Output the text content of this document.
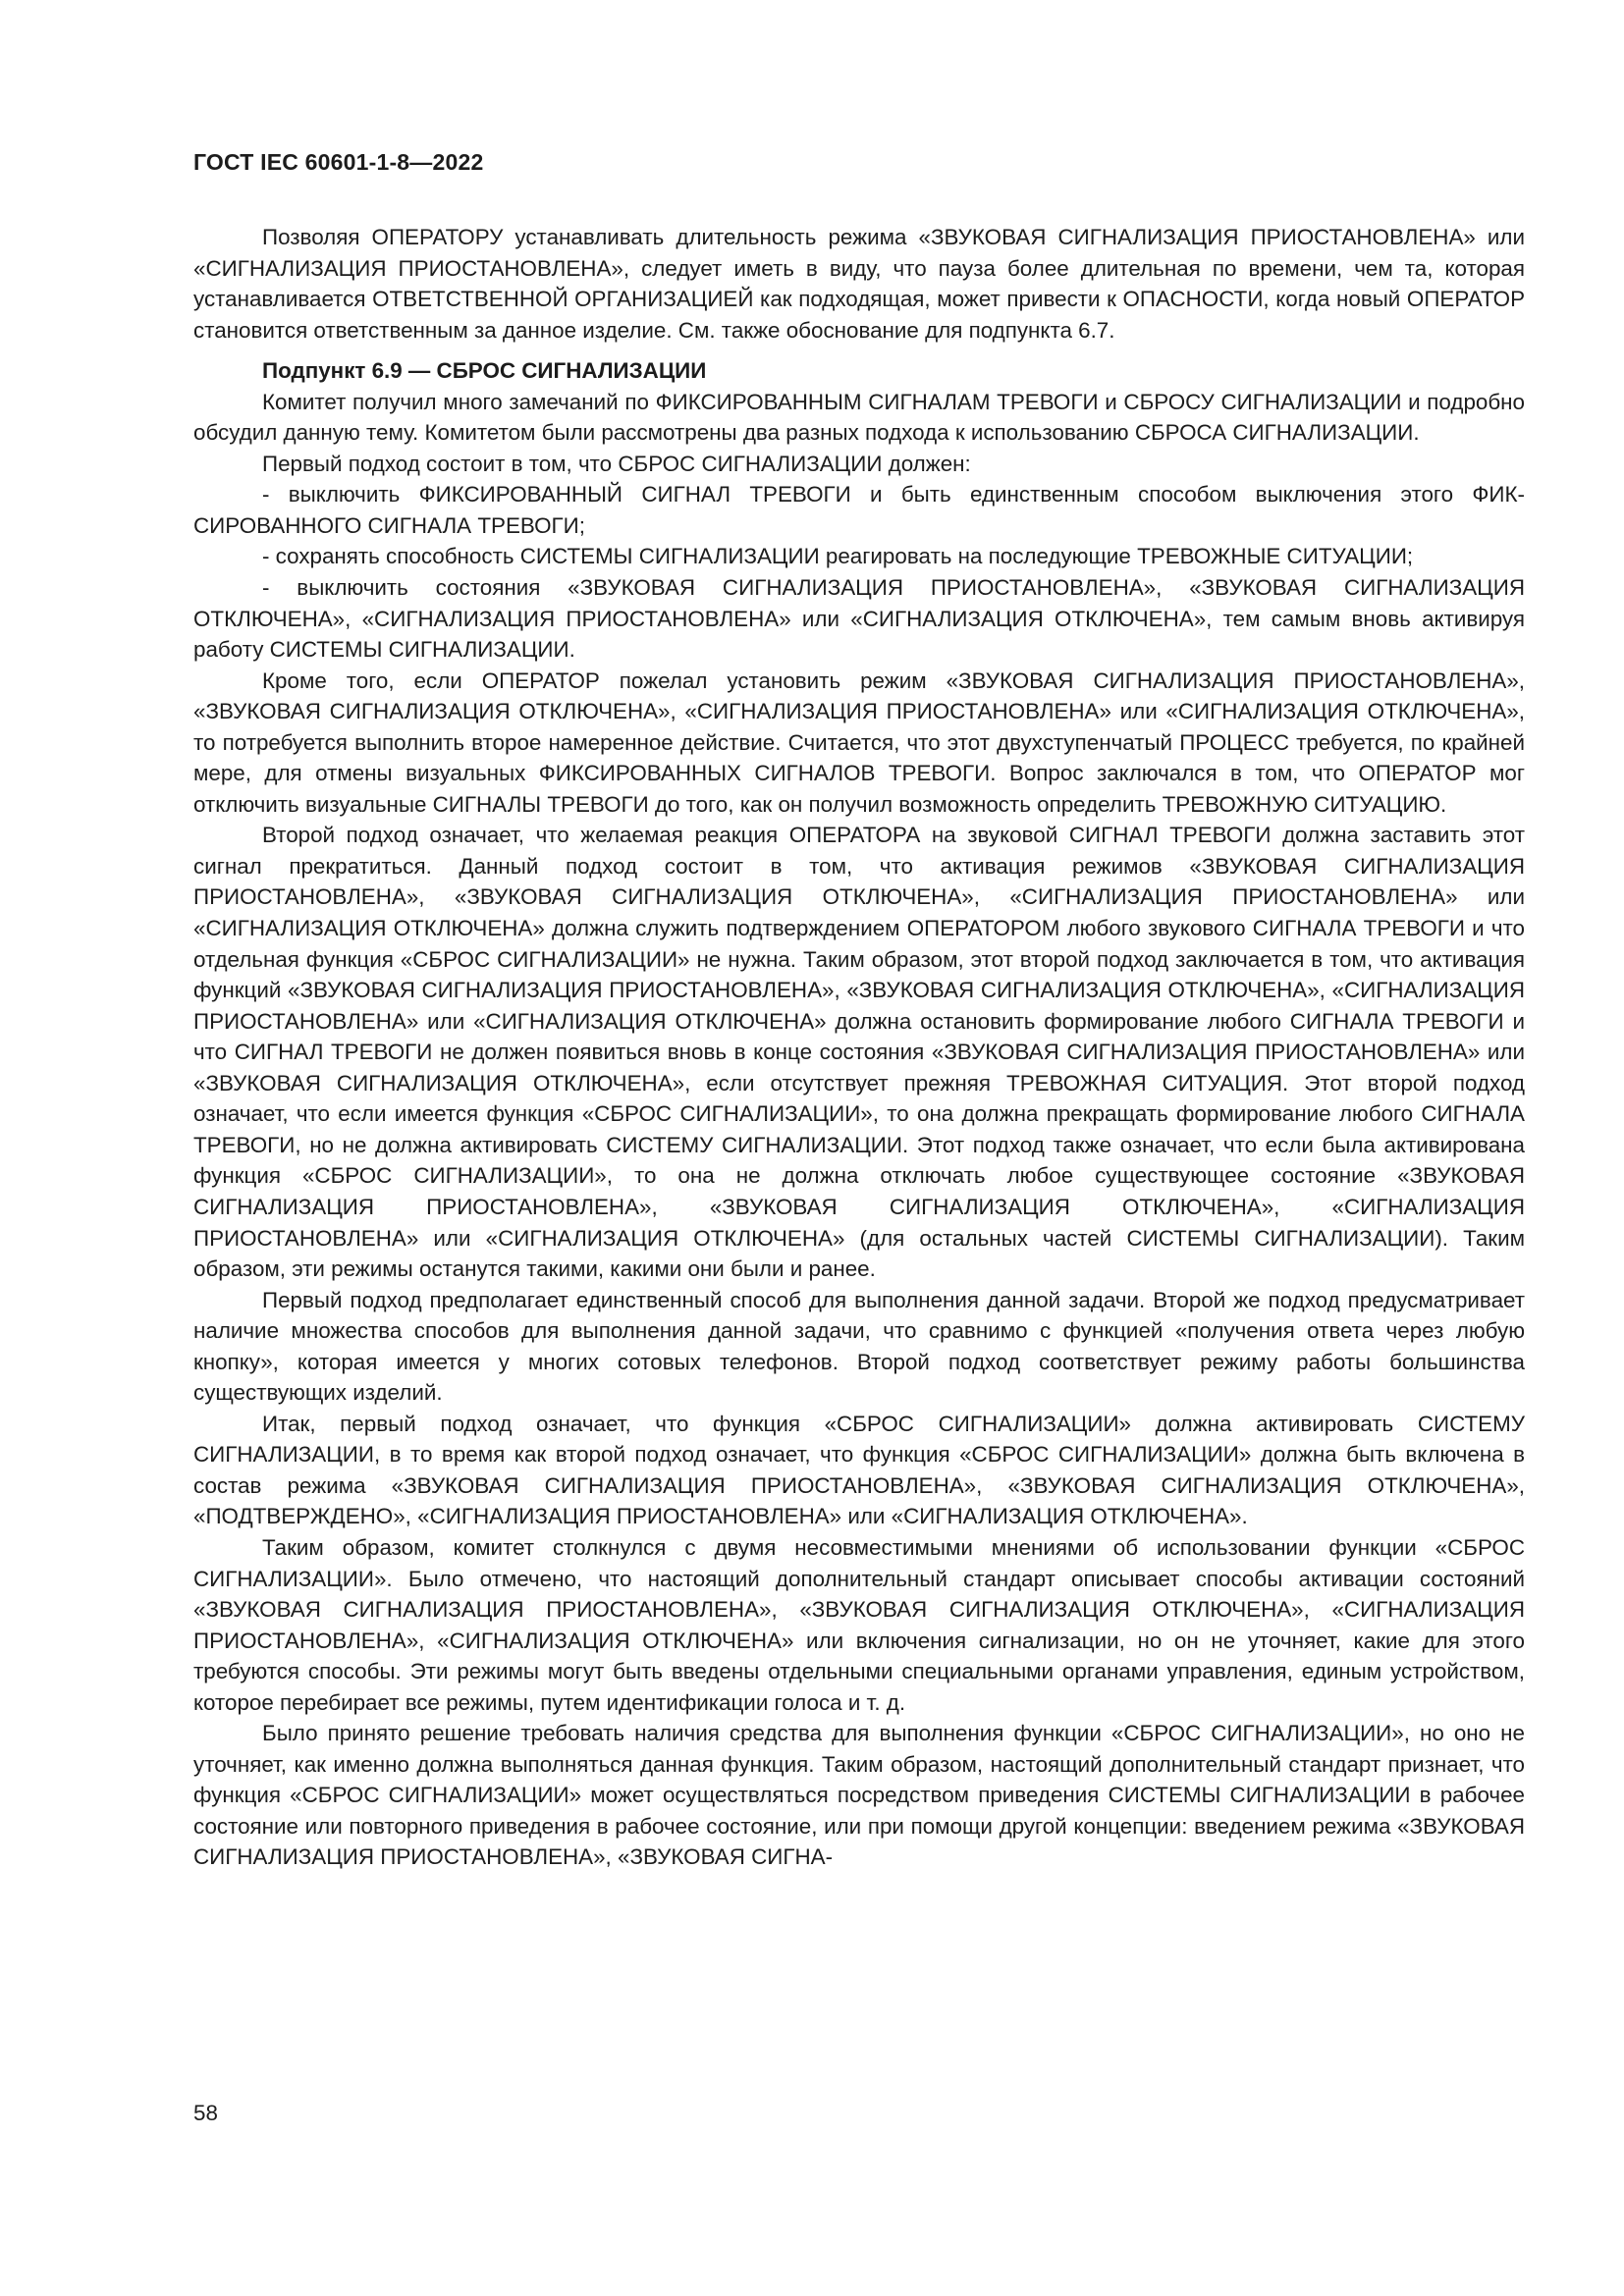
ГОСТ IEC 60601-1-8—2022

Позволяя ОПЕРАТОРУ устанавливать длительность режима «ЗВУКОВАЯ СИГНАЛИЗАЦИЯ ПРИОСТАНОВЛЕНА» или «СИГНАЛИЗАЦИЯ ПРИОСТАНОВЛЕНА», следует иметь в виду, что пауза более длительная по времени, чем та, которая устанавливается ОТВЕТСТВЕННОЙ ОРГАНИЗАЦИЕЙ как подходящая, может привести к ОПАСНОСТИ, когда новый ОПЕРАТОР становится ответственным за данное изделие. См. также обоснование для подпункта 6.7.

Подпункт 6.9 — СБРОС СИГНАЛИЗАЦИИ

Комитет получил много замечаний по ФИКСИРОВАННЫМ СИГНАЛАМ ТРЕВОГИ и СБРОСУ СИГНАЛИЗАЦИИ и подробно обсудил данную тему. Комитетом были рассмотрены два разных подхода к использованию СБРОСА СИГНАЛИЗАЦИИ.

Первый подход состоит в том, что СБРОС СИГНАЛИЗАЦИИ должен:

- выключить ФИКСИРОВАННЫЙ СИГНАЛ ТРЕВОГИ и быть единственным способом выключения этого ФИКСИРОВАННОГО СИГНАЛА ТРЕВОГИ;

- сохранять способность СИСТЕМЫ СИГНАЛИЗАЦИИ реагировать на последующие ТРЕВОЖНЫЕ СИТУАЦИИ;

- выключить состояния «ЗВУКОВАЯ СИГНАЛИЗАЦИЯ ПРИОСТАНОВЛЕНА», «ЗВУКОВАЯ СИГНАЛИЗАЦИЯ ОТКЛЮЧЕНА», «СИГНАЛИЗАЦИЯ ПРИОСТАНОВЛЕНА» или «СИГНАЛИЗАЦИЯ ОТКЛЮЧЕНА», тем самым вновь активируя работу СИСТЕМЫ СИГНАЛИЗАЦИИ.

Кроме того, если ОПЕРАТОР пожелал установить режим «ЗВУКОВАЯ СИГНАЛИЗАЦИЯ ПРИОСТАНОВЛЕНА», «ЗВУКОВАЯ СИГНАЛИЗАЦИЯ ОТКЛЮЧЕНА», «СИГНАЛИЗАЦИЯ ПРИОСТАНОВЛЕНА» или «СИГНАЛИЗАЦИЯ ОТКЛЮЧЕНА», то потребуется выполнить второе намеренное действие. Считается, что этот двухступенчатый ПРОЦЕСС требуется, по крайней мере, для отмены визуальных ФИКСИРОВАННЫХ СИГНАЛОВ ТРЕВОГИ. Вопрос заключался в том, что ОПЕРАТОР мог отключить визуальные СИГНАЛЫ ТРЕВОГИ до того, как он получил возможность определить ТРЕВОЖНУЮ СИТУАЦИЮ.

Второй подход означает, что желаемая реакция ОПЕРАТОРА на звуковой СИГНАЛ ТРЕВОГИ должна заставить этот сигнал прекратиться. Данный подход состоит в том, что активация режимов «ЗВУКОВАЯ СИГНАЛИЗАЦИЯ ПРИОСТАНОВЛЕНА», «ЗВУКОВАЯ СИГНАЛИЗАЦИЯ ОТКЛЮЧЕНА», «СИГНАЛИЗАЦИЯ ПРИОСТАНОВЛЕНА» или «СИГНАЛИЗАЦИЯ ОТКЛЮЧЕНА» должна служить подтверждением ОПЕРАТОРОМ любого звукового СИГНАЛА ТРЕВОГИ и что отдельная функция «СБРОС СИГНАЛИЗАЦИИ» не нужна. Таким образом, этот второй подход заключается в том, что активация функций «ЗВУКОВАЯ СИГНАЛИЗАЦИЯ ПРИОСТАНОВЛЕНА», «ЗВУКОВАЯ СИГНАЛИЗАЦИЯ ОТКЛЮЧЕНА», «СИГНАЛИЗАЦИЯ ПРИОСТАНОВЛЕНА» или «СИГНАЛИЗАЦИЯ ОТКЛЮЧЕНА» должна остановить формирование любого СИГНАЛА ТРЕВОГИ и что СИГНАЛ ТРЕВОГИ не должен появиться вновь в конце состояния «ЗВУКОВАЯ СИГНАЛИЗАЦИЯ ПРИОСТАНОВЛЕНА» или «ЗВУКОВАЯ СИГНАЛИЗАЦИЯ ОТКЛЮЧЕНА», если отсутствует прежняя ТРЕВОЖНАЯ СИТУАЦИЯ. Этот второй подход означает, что если имеется функция «СБРОС СИГНАЛИЗАЦИИ», то она должна прекращать формирование любого СИГНАЛА ТРЕВОГИ, но не должна активировать СИСТЕМУ СИГНАЛИЗАЦИИ. Этот подход также означает, что если была активирована функция «СБРОС СИГНАЛИЗАЦИИ», то она не должна отключать любое существующее состояние «ЗВУКОВАЯ СИГНАЛИЗАЦИЯ ПРИОСТАНОВЛЕНА», «ЗВУКОВАЯ СИГНАЛИЗАЦИЯ ОТКЛЮЧЕНА», «СИГНАЛИЗАЦИЯ ПРИОСТАНОВЛЕНА» или «СИГНАЛИЗАЦИЯ ОТКЛЮЧЕНА» (для остальных частей СИСТЕМЫ СИГНАЛИЗАЦИИ). Таким образом, эти режимы останутся такими, какими они были и ранее.

Первый подход предполагает единственный способ для выполнения данной задачи. Второй же подход предусматривает наличие множества способов для выполнения данной задачи, что сравнимо с функцией «получения ответа через любую кнопку», которая имеется у многих сотовых телефонов. Второй подход соответствует режиму работы большинства существующих изделий.

Итак, первый подход означает, что функция «СБРОС СИГНАЛИЗАЦИИ» должна активировать СИСТЕМУ СИГНАЛИЗАЦИИ, в то время как второй подход означает, что функция «СБРОС СИГНАЛИЗАЦИИ» должна быть включена в состав режима «ЗВУКОВАЯ СИГНАЛИЗАЦИЯ ПРИОСТАНОВЛЕНА», «ЗВУКОВАЯ СИГНАЛИЗАЦИЯ ОТКЛЮЧЕНА», «ПОДТВЕРЖДЕНО», «СИГНАЛИЗАЦИЯ ПРИОСТАНОВЛЕНА» или «СИГНАЛИЗАЦИЯ ОТКЛЮЧЕНА».

Таким образом, комитет столкнулся с двумя несовместимыми мнениями об использовании функции «СБРОС СИГНАЛИЗАЦИИ». Было отмечено, что настоящий дополнительный стандарт описывает способы активации состояний «ЗВУКОВАЯ СИГНАЛИЗАЦИЯ ПРИОСТАНОВЛЕНА», «ЗВУКОВАЯ СИГНАЛИЗАЦИЯ ОТКЛЮЧЕНА», «СИГНАЛИЗАЦИЯ ПРИОСТАНОВЛЕНА», «СИГНАЛИЗАЦИЯ ОТКЛЮЧЕНА» или включения сигнализации, но он не уточняет, какие для этого требуются способы. Эти режимы могут быть введены отдельными специальными органами управления, единым устройством, которое перебирает все режимы, путем идентификации голоса и т. д.

Было принято решение требовать наличия средства для выполнения функции «СБРОС СИГНАЛИЗАЦИИ», но оно не уточняет, как именно должна выполняться данная функция. Таким образом, настоящий дополнительный стандарт признает, что функция «СБРОС СИГНАЛИЗАЦИИ» может осуществляться посредством приведения СИСТЕМЫ СИГНАЛИЗАЦИИ в рабочее состояние или повторного приведения в рабочее состояние, или при помощи другой концепции: введением режима «ЗВУКОВАЯ СИГНАЛИЗАЦИЯ ПРИОСТАНОВЛЕНА», «ЗВУКОВАЯ СИГНА-

58
